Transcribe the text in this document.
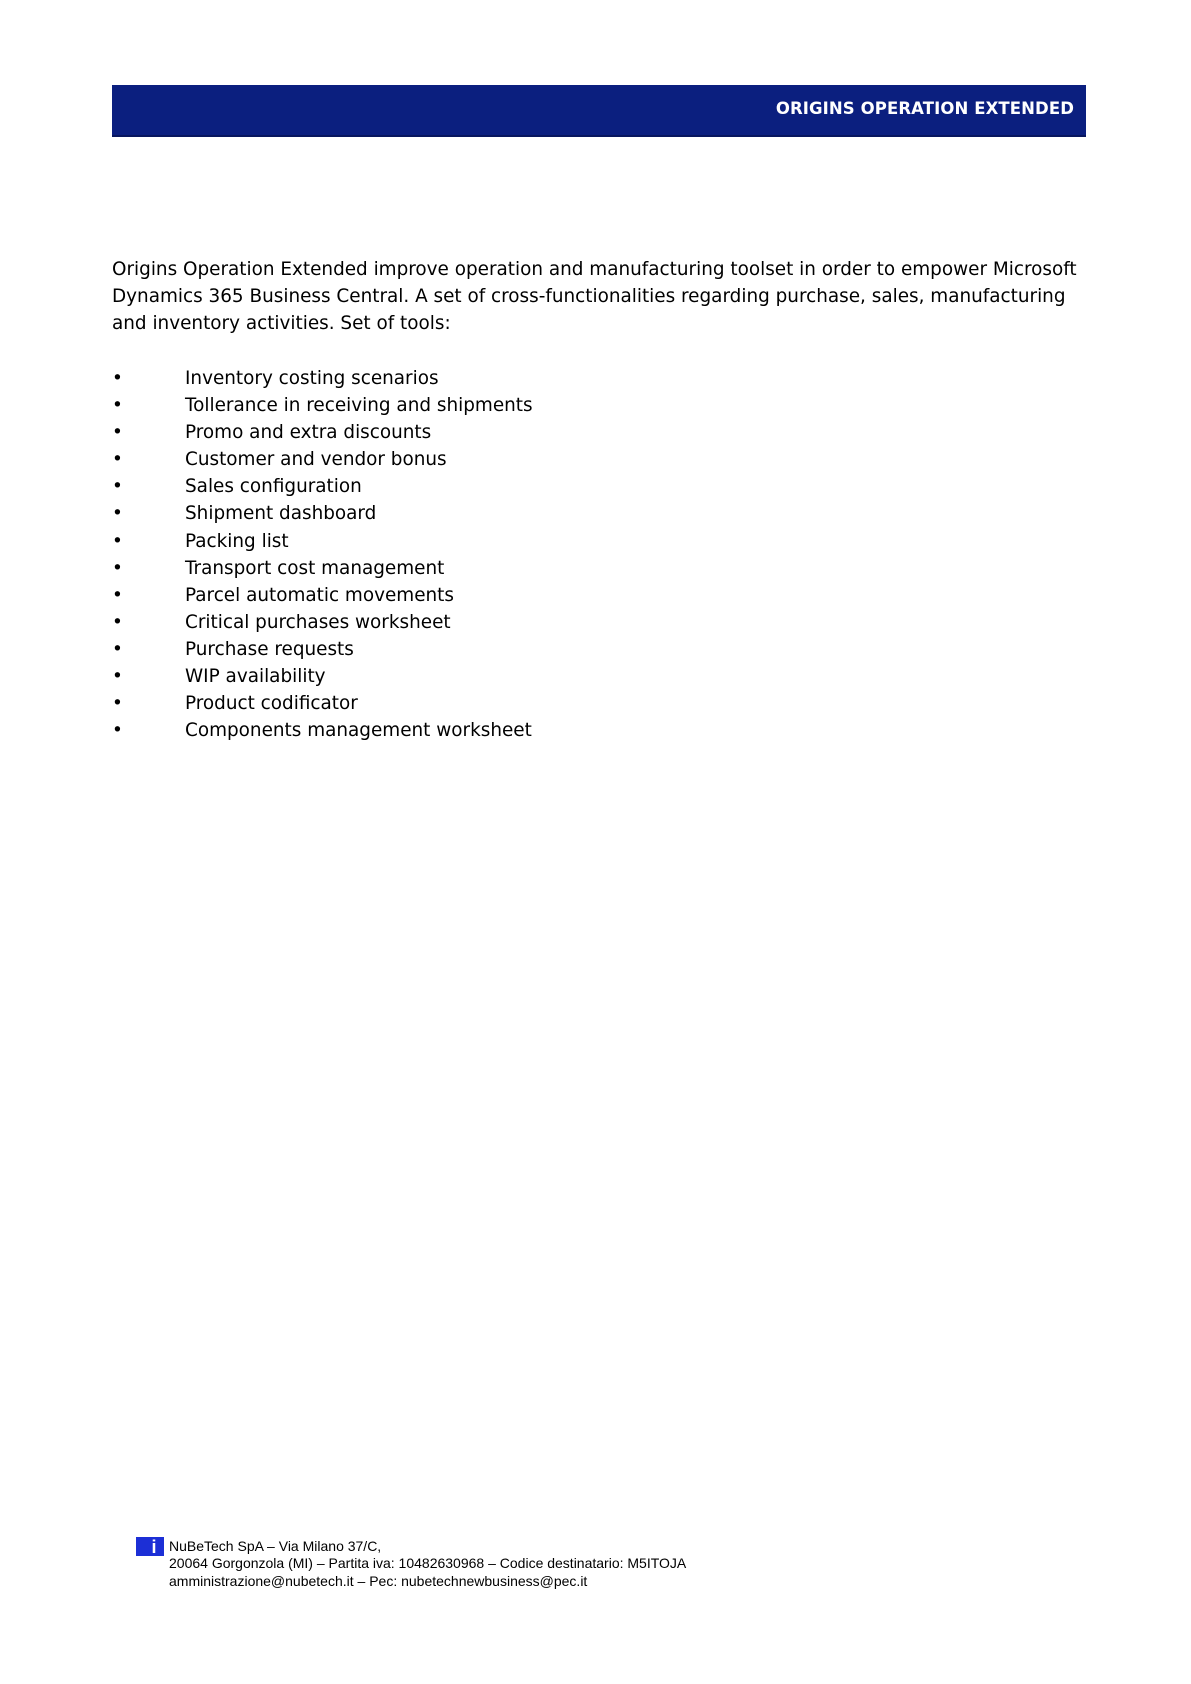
ORIGINS OPERATION EXTENDED

Origins Operation Extended improve operation and manufacturing toolset in order to empower Microsoft Dynamics 365 Business Central. A set of cross-functionalities regarding purchase, sales, manufacturing and inventory activities. Set of tools:

•	Inventory costing scenarios
•	Tollerance in receiving and shipments
•	Promo and extra discounts
•	Customer and vendor bonus
•	Sales configuration
•	Shipment dashboard
•	Packing list
•	Transport cost management
•	Parcel automatic movements
•	Critical purchases worksheet
•	Purchase requests
•	WIP availability
•	Product codificator
•	Components management worksheet
i NuBeTech SpA – Via Milano 37/C,
20064 Gorgonzola (MI) – Partita iva: 10482630968 – Codice destinatario: M5ITOJA
amministrazione@nubetech.it – Pec: nubetechnewbusiness@pec.it
